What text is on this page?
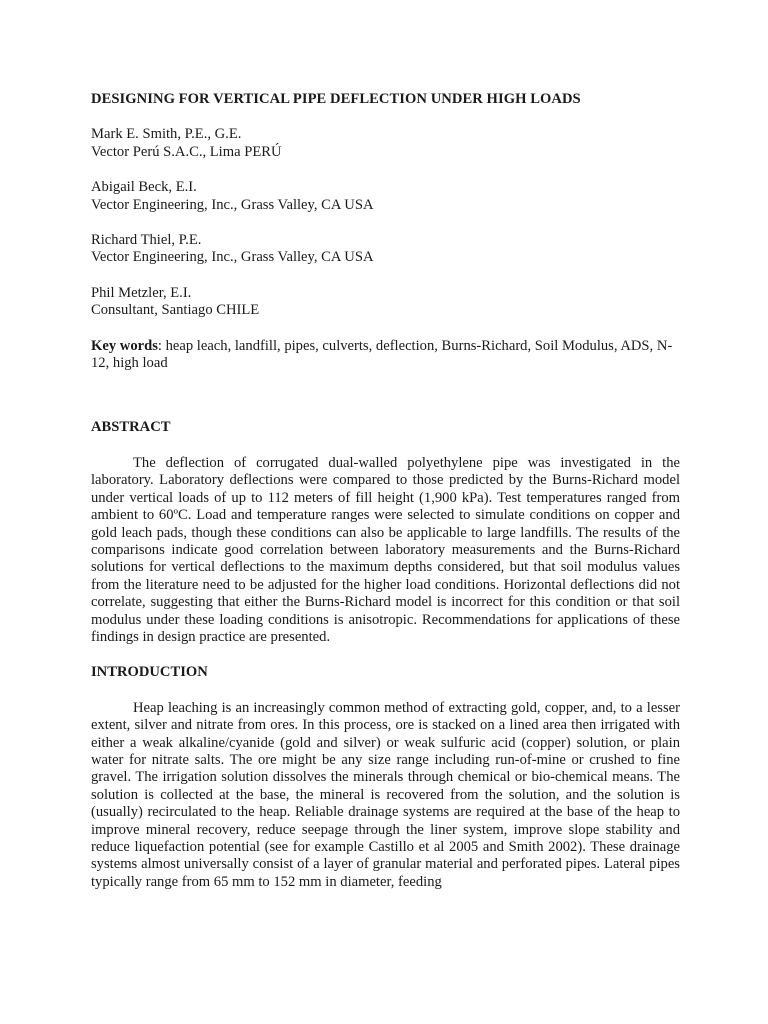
DESIGNING FOR VERTICAL PIPE DEFLECTION UNDER HIGH LOADS
Mark E. Smith, P.E., G.E.
Vector Perú S.A.C., Lima PERÚ
Abigail Beck, E.I.
Vector Engineering, Inc., Grass Valley, CA USA
Richard Thiel, P.E.
Vector Engineering, Inc., Grass Valley, CA USA
Phil Metzler, E.I.
Consultant, Santiago CHILE
Key words: heap leach, landfill, pipes, culverts, deflection, Burns-Richard, Soil Modulus, ADS, N-12, high load
ABSTRACT

The deflection of corrugated dual-walled polyethylene pipe was investigated in the laboratory. Laboratory deflections were compared to those predicted by the Burns-Richard model under vertical loads of up to 112 meters of fill height (1,900 kPa). Test temperatures ranged from ambient to 60ºC. Load and temperature ranges were selected to simulate conditions on copper and gold leach pads, though these conditions can also be applicable to large landfills. The results of the comparisons indicate good correlation between laboratory measurements and the Burns-Richard solutions for vertical deflections to the maximum depths considered, but that soil modulus values from the literature need to be adjusted for the higher load conditions. Horizontal deflections did not correlate, suggesting that either the Burns-Richard model is incorrect for this condition or that soil modulus under these loading conditions is anisotropic. Recommendations for applications of these findings in design practice are presented.

INTRODUCTION

Heap leaching is an increasingly common method of extracting gold, copper, and, to a lesser extent, silver and nitrate from ores. In this process, ore is stacked on a lined area then irrigated with either a weak alkaline/cyanide (gold and silver) or weak sulfuric acid (copper) solution, or plain water for nitrate salts. The ore might be any size range including run-of-mine or crushed to fine gravel. The irrigation solution dissolves the minerals through chemical or bio-chemical means. The solution is collected at the base, the mineral is recovered from the solution, and the solution is (usually) recirculated to the heap. Reliable drainage systems are required at the base of the heap to improve mineral recovery, reduce seepage through the liner system, improve slope stability and reduce liquefaction potential (see for example Castillo et al 2005 and Smith 2002). These drainage systems almost universally consist of a layer of granular material and perforated pipes. Lateral pipes typically range from 65 mm to 152 mm in diameter, feeding
